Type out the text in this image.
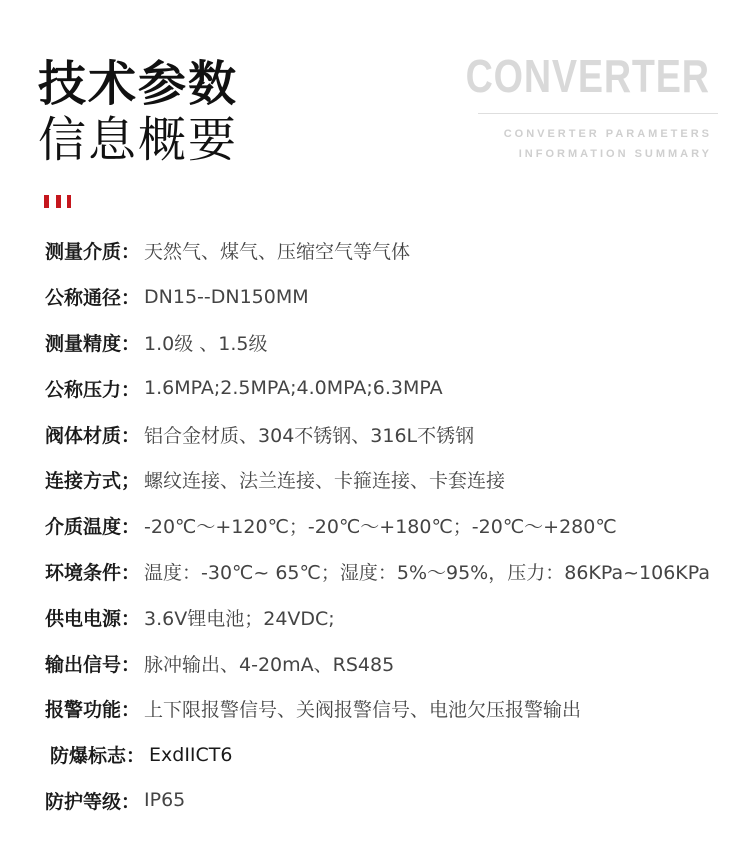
技术参数
信息概要
CONVERTER
CONVERTER PARAMETERS
INFORMATION SUMMARY
测量介质： 天然气、煤气、压缩空气等气体
公称通径： DN15--DN150MM
测量精度： 1.0级 、1.5级
公称压力： 1.6MPA;2.5MPA;4.0MPA;6.3MPA
阀体材质： 铝合金材质、304不锈钢、316L不锈钢
连接方式； 螺纹连接、法兰连接、卡箍连接、卡套连接
介质温度： -20℃～+120℃；-20℃～+180℃；-20℃～+280℃
环境条件： 温度：-30℃~ 65℃；湿度：5%～95%，压力：86KPa~106KPa
供电电源： 3.6V锂电池；24VDC;
输出信号： 脉冲输出、4-20mA、RS485
报警功能： 上下限报警信号、关阀报警信号、电池欠压报警输出
防爆标志： ExdIICT6
防护等级： IP65
